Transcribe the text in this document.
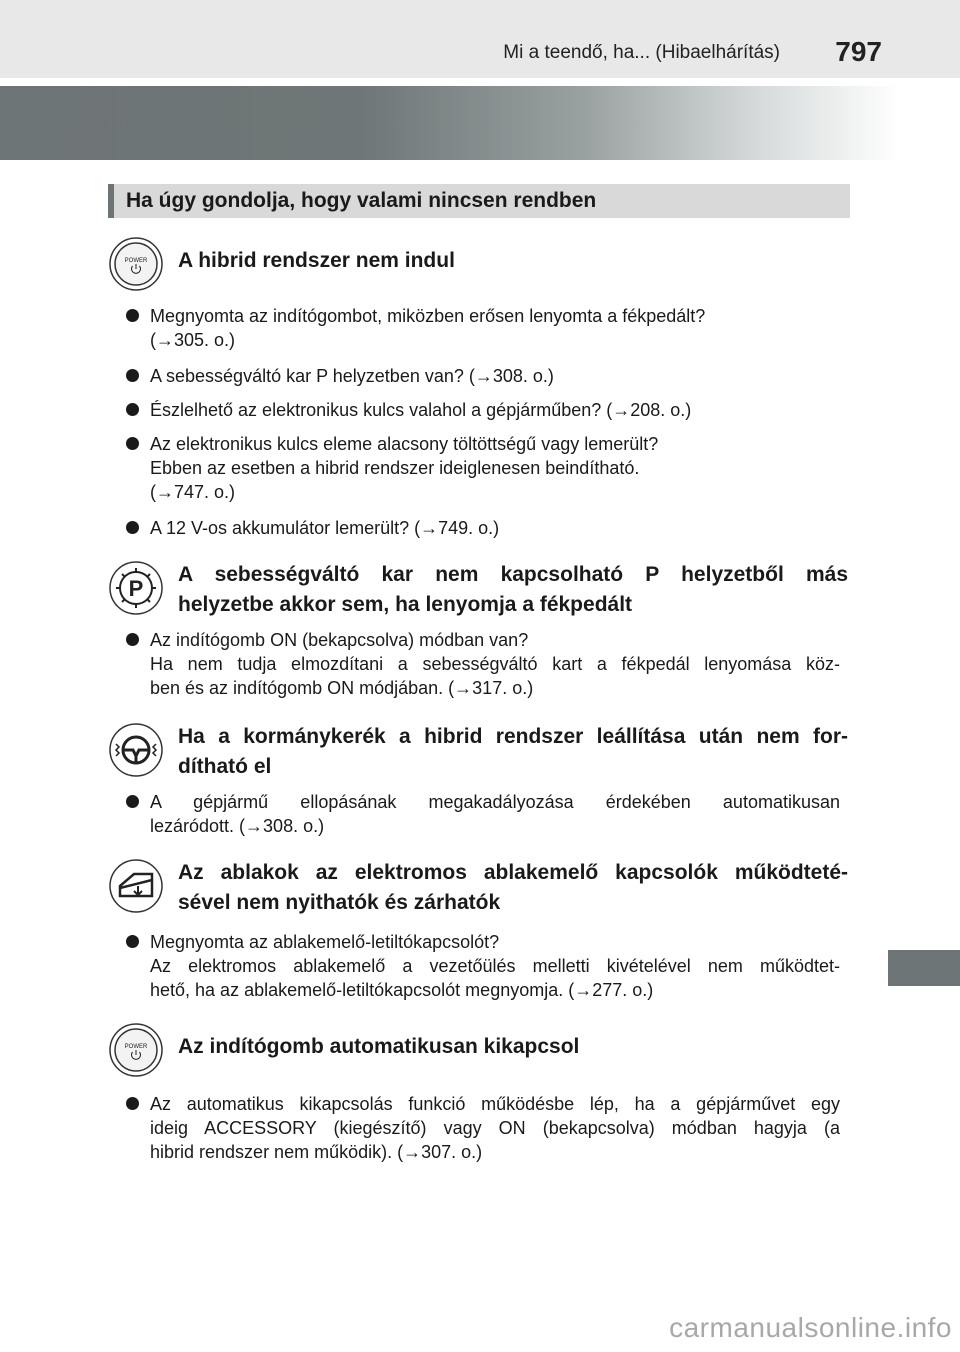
Mi a teendő, ha... (Hibaelhárítás) 797
Ha úgy gondolja, hogy valami nincsen rendben
POWER A hibrid rendszer nem indul
Megnyomta az indítógombot, miközben erősen lenyomta a fékpedált?
(→305. o.)
A sebességváltó kar P helyzetben van? (→308. o.)
Észlelhető az elektronikus kulcs valahol a gépjárműben? (→208. o.)
Az elektronikus kulcs eleme alacsony töltöttségű vagy lemerült?
Ebben az esetben a hibrid rendszer ideiglenesen beindítható.
(→747. o.)
A 12 V-os akkumulátor lemerült? (→749. o.)
P
A sebességváltó kar nem kapcsolható P helyzetből más
helyzetbe akkor sem, ha lenyomja a fékpedált
Az indítógomb ON (bekapcsolva) módban van?
Ha nem tudja elmozdítani a sebességváltó kart a fékpedál lenyomása köz-
ben és az indítógomb ON módjában. (→317. o.)
Ha a kormánykerék a hibrid rendszer leállítása után nem for-
dítható el
A gépjármű ellopásának megakadályozása érdekében automatikusan
lezáródott. (→308. o.)
Az ablakok az elektromos ablakemelő kapcsolók működteté-
sével nem nyithatók és zárhatók
Megnyomta az ablakemelő-letiltókapcsolót?
Az elektromos ablakemelő a vezetőülés melletti kivételével nem működtet-
hető, ha az ablakemelő-letiltókapcsolót megnyomja. (→277. o.)
POWER Az indítógomb automatikusan kikapcsol
Az automatikus kikapcsolás funkció működésbe lép, ha a gépjárművet egy
ideig ACCESSORY (kiegészítő) vagy ON (bekapcsolva) módban hagyja (a
hibrid rendszer nem működik). (→307. o.)
carmanualsonline.info
